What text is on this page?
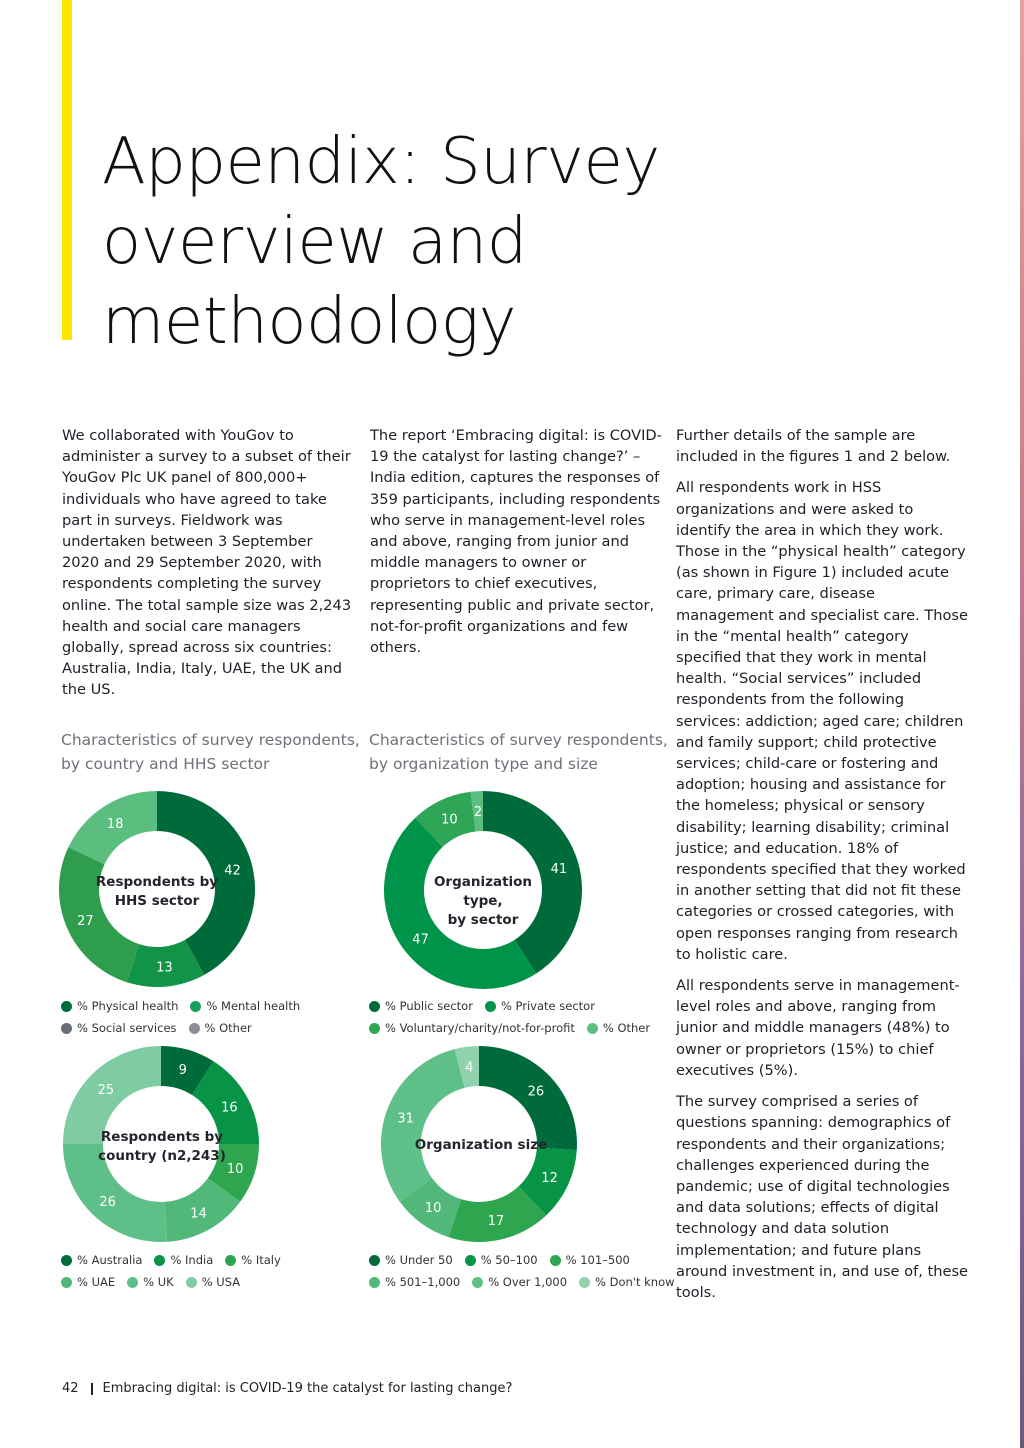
Appendix: Survey
overview and
methodology

We collaborated with YouGov to administer a survey to a subset of their YouGov Plc UK panel of 800,000+ individuals who have agreed to take part in surveys. Fieldwork was undertaken between 3 September 2020 and 29 September 2020, with respondents completing the survey online. The total sample size was 2,243 health and social care managers globally, spread across six countries: Australia, India, Italy, UAE, the UK and the US.

The report ‘Embracing digital: is COVID-19 the catalyst for lasting change?’ – India edition, captures the responses of 359 participants, including respondents who serve in management-level roles and above, ranging from junior and middle managers to owner or proprietors to chief executives, representing public and private sector, not-for-profit organizations and few others.

Further details of the sample are included in the figures 1 and 2 below.

All respondents work in HSS organizations and were asked to identify the area in which they work. Those in the “physical health” category (as shown in Figure 1) included acute care, primary care, disease management and specialist care. Those in the “mental health” category specified that they work in mental health. “Social services” included respondents from the following services: addiction; aged care; children and family support; child protective services; child-care or fostering and adoption; housing and assistance for the homeless; physical or sensory disability; learning disability; criminal justice; and education. 18% of respondents specified that they worked in another setting that did not fit these categories or crossed categories, with open responses ranging from research to holistic care.

All respondents serve in management-level roles and above, ranging from junior and middle managers (48%) to owner or proprietors (15%) to chief executives (5%).

The survey comprised a series of questions spanning: demographics of respondents and their organizations; challenges experienced during the pandemic; use of digital technologies and data solutions; effects of digital technology and data solution implementation; and future plans around investment in, and use of, these tools.

Characteristics of survey respondents, by country and HHS sector
Characteristics of survey respondents, by organization type and size
42
13
27
18
Respondents by
HHS sector
% Physical health % Mental health
% Social services % Other
41
47
10 2
Organization type,
by sector
% Public sector % Private sector
% Voluntary/charity/not-for-profit % Other
9
16
10
14
26
25
Respondents by
country (n2,243)
% Australia % India % Italy
% UAE % UK % USA
26
12
17
10
31
4
Organization size
% Under 50 % 50–100 % 101–500
% 501–1,000 % Over 1,000 % Don't know
42 Embracing digital: is COVID-19 the catalyst for lasting change?
